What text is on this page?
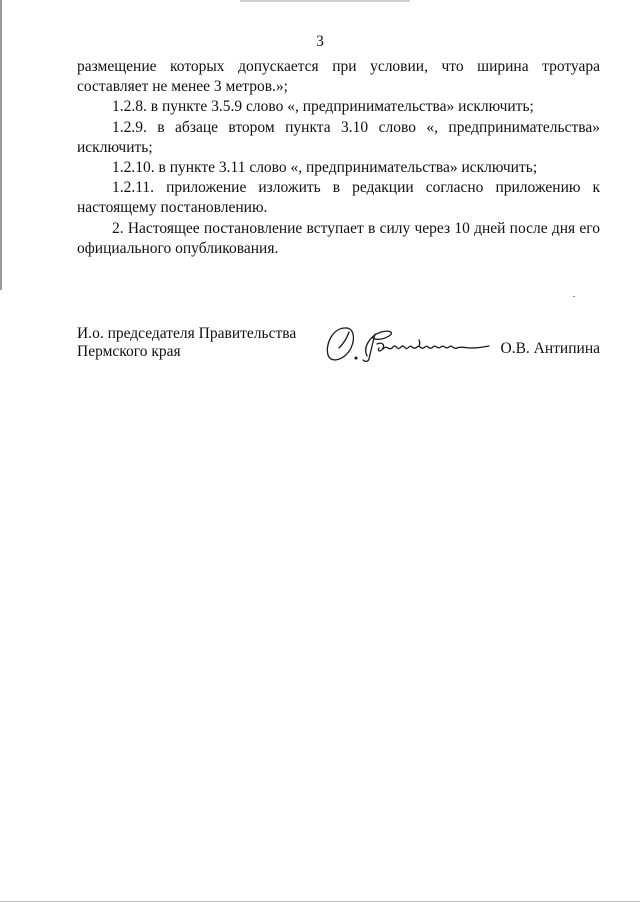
3

размещение которых допускается при условии, что ширина тротуара составляет не менее 3 метров.»;

1.2.8. в пункте 3.5.9 слово «, предпринимательства» исключить;

1.2.9. в абзаце втором пункта 3.10 слово «, предпринимательства» исключить;

1.2.10. в пункте 3.11 слово «, предпринимательства» исключить;

1.2.11. приложение изложить в редакции согласно приложению к настоящему постановлению.

2. Настоящее постановление вступает в силу через 10 дней после дня его официального опубликования.

И.о. председателя Правительства
Пермского края	О.В. Антипина
